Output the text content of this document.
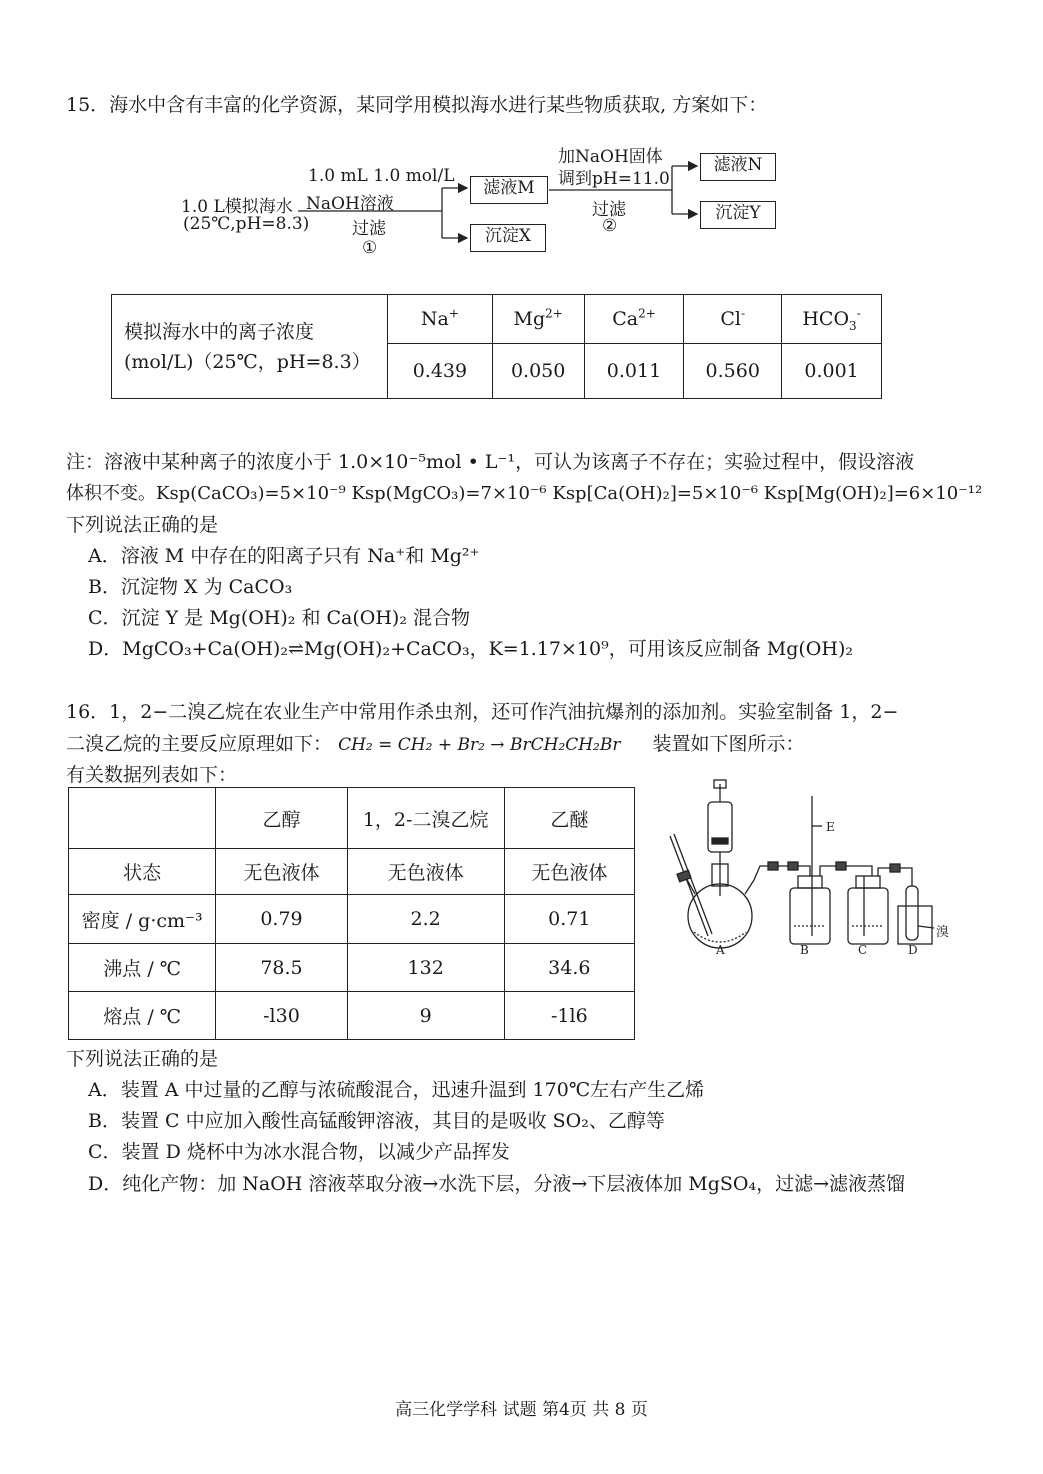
15．海水中含有丰富的化学资源，某同学用模拟海水进行某些物质获取, 方案如下：
1.0 L模拟海水
(25℃,pH=8.3)
1.0 mL 1.0 mol/L
NaOH溶液
过滤
①
滤液M
沉淀X
加NaOH固体
调到pH=11.0
过滤
②
滤液N
沉淀Y
模拟海水中的离子浓度
(mol/L)（25℃，pH=8.3）	Na+	$Mg^{2+}$	$Ca^{2+}$	Cl-	$HCO_3^-$
	0.439	0.050	0.011	0.560	0.001
注：溶液中某种离子的浓度小于 1.0×10⁻⁵mol • L⁻¹，可认为该离子不存在；实验过程中，假设溶液
体积不变。Ksp(CaCO₃)=5×10⁻⁹ Ksp(MgCO₃)=7×10⁻⁶ Ksp[Ca(OH)₂]=5×10⁻⁶ Ksp[Mg(OH)₂]=6×10⁻¹²
下列说法正确的是
A．溶液 M 中存在的阳离子只有 Na⁺和 Mg²⁺
B．沉淀物 X 为 CaCO₃
C．沉淀 Y 是 Mg(OH)₂ 和 Ca(OH)₂ 混合物
D．MgCO₃+Ca(OH)₂⇌Mg(OH)₂+CaCO₃，K=1.17×10⁹，可用该反应制备 Mg(OH)₂
16．1，2−二溴乙烷在农业生产中常用作杀虫剂，还可作汽油抗爆剂的添加剂。实验室制备 1，2−
二溴乙烷的主要反应原理如下： CH₂ = CH₂ + Br₂ → BrCH₂CH₂Br 装置如下图所示：
有关数据列表如下：
	乙醇	1，2-二溴乙烷	乙醚
状态	无色液体	无色液体	无色液体
密度 / g·cm⁻³	0.79	2.2	0.71
沸点 / ℃	78.5	132	34.6
熔点 / ℃	-l30	9	-1l6
A	B	C	D
E
溴
下列说法正确的是
A．装置 A 中过量的乙醇与浓硫酸混合，迅速升温到 170℃左右产生乙烯
B．装置 C 中应加入酸性高锰酸钾溶液，其目的是吸收 SO₂、乙醇等
C．装置 D 烧杯中为冰水混合物，以减少产品挥发
D．纯化产物：加 NaOH 溶液萃取分液→水洗下层，分液→下层液体加 MgSO₄，过滤→滤液蒸馏
高三化学学科 试题 第4页 共 8 页
